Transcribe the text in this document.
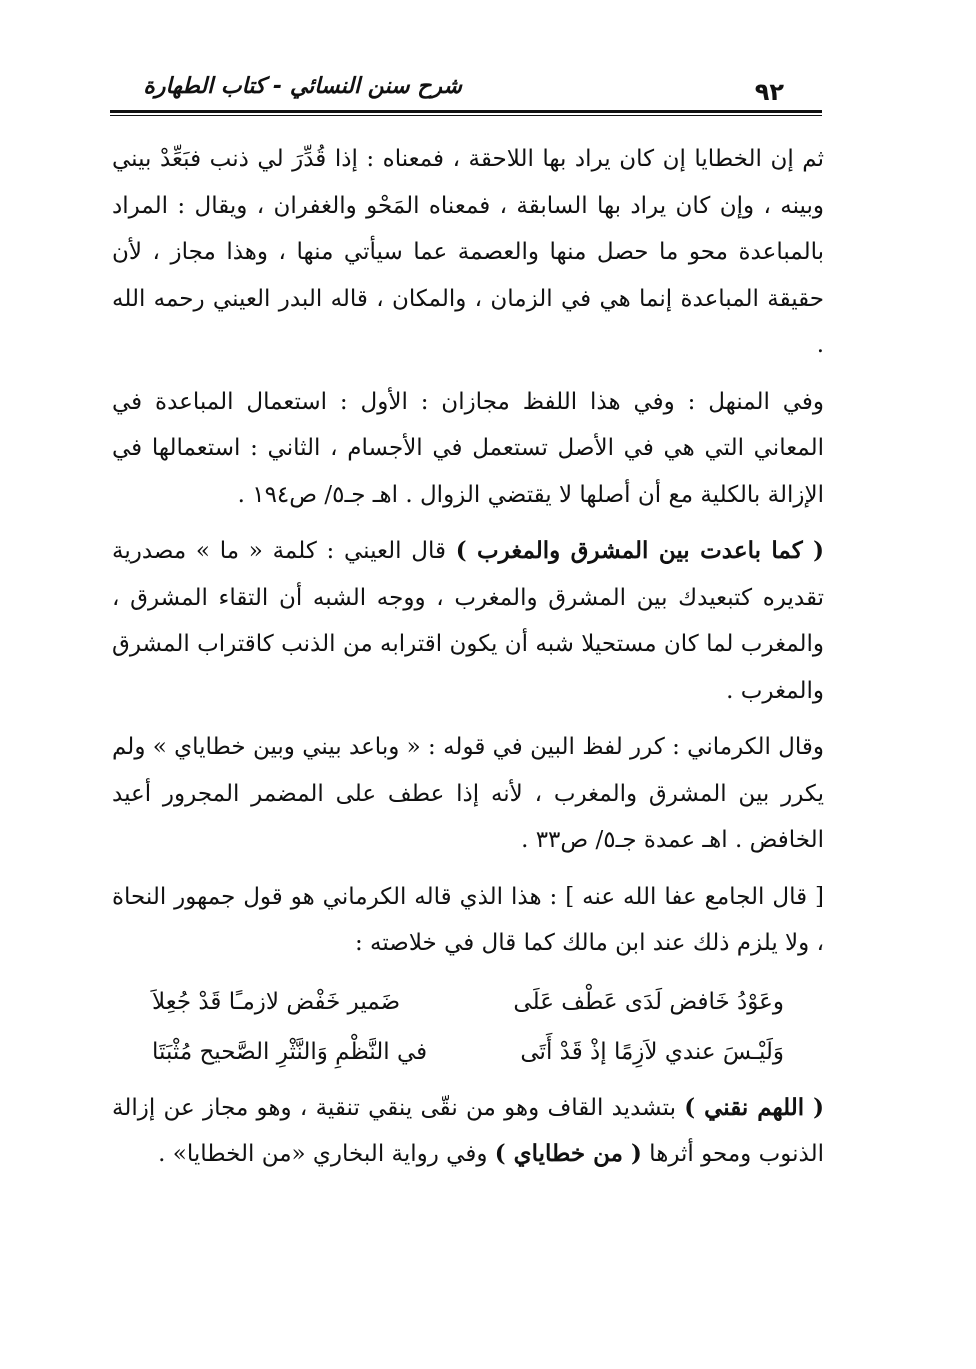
شرح سنن النسائي - كتاب الطهارة	٩٢

ثم إن الخطايا إن كان يراد بها اللاحقة ، فمعناه : إذا قُدِّرَ لي ذنب فبَعِّدْ بيني وبينه ، وإن كان يراد بها السابقة ، فمعناه المَحْو والغفران ، ويقال : المراد بالمباعدة محو ما حصل منها والعصمة عما سيأتي منها ، وهذا مجاز ، لأن حقيقة المباعدة إنما هي في الزمان ، والمكان ، قاله البدر العيني رحمه الله .

وفي المنهل : وفي هذا اللفظ مجازان : الأول : استعمال المباعدة في المعاني التي هي في الأصل تستعمل في الأجسام ، الثاني : استعمالها في الإزالة بالكلية مع أن أصلها لا يقتضي الزوال . اهـ جـ٥/ ص١٩٤ .

( كما باعدت بين المشرق والمغرب ) قال العيني : كلمة « ما » مصدرية تقديره كتبعيدك بين المشرق والمغرب ، ووجه الشبه أن التقاء المشرق ، والمغرب لما كان مستحيلا شبه أن يكون اقترابه من الذنب كاقتراب المشرق والمغرب .

وقال الكرماني : كرر لفظ البين في قوله : « وباعد بيني وبين خطاياي » ولم يكرر بين المشرق والمغرب ، لأنه إذا عطف على المضمر المجرور أعيد الخافض . اهـ عمدة جـ٥/ ص٣٣ .

[ قال الجامع عفا الله عنه ] : هذا الذي قاله الكرماني هو قول جمهور النحاة ، ولا يلزم ذلك عند ابن مالك كما قال في خلاصته :

وعَوْدُ خَافض لَدَى عَطْف عَلَى
ضَمير خَفْض لازمـًا قَدْ جُعِلاَ
وَلَيْـسَ عندي لاَزِمًا إذْ قَدْ أَتَى
في النَّظْمِ وَالنَّثْرِ الصَّحيح مُثْبَتَا

( اللهم نقني ) بتشديد القاف وهو من نقّى ينقي تنقية ، وهو مجاز عن إزالة الذنوب ومحو أثرها ( من خطاياي ) وفي رواية البخاري «من الخطايا» .
